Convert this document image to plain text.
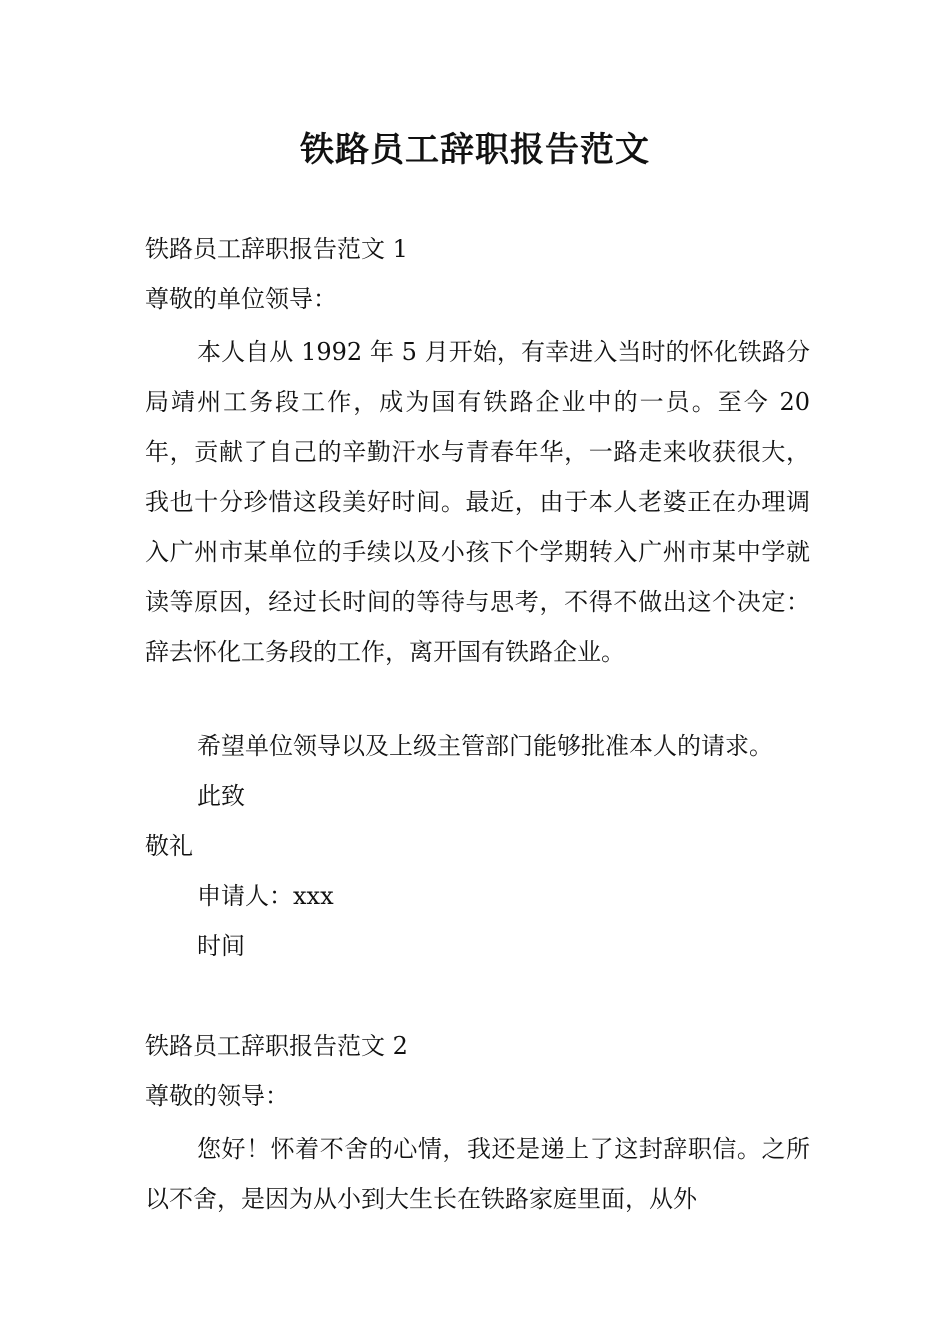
铁路员工辞职报告范文
铁路员工辞职报告范文 1
尊敬的单位领导：
本人自从 1992 年 5 月开始，有幸进入当时的怀化铁路分局靖州工务段工作，成为国有铁路企业中的一员。至今 20 年，贡献了自己的辛勤汗水与青春年华，一路走来收获很大，我也十分珍惜这段美好时间。最近，由于本人老婆正在办理调入广州市某单位的手续以及小孩下个学期转入广州市某中学就读等原因，经过长时间的等待与思考，不得不做出这个决定：辞去怀化工务段的工作，离开国有铁路企业。
希望单位领导以及上级主管部门能够批准本人的请求。
此致
敬礼
申请人：xxx
时间
铁路员工辞职报告范文 2
尊敬的领导：
您好！怀着不舍的心情，我还是递上了这封辞职信。之所以不舍，是因为从小到大生长在铁路家庭里面，从外
